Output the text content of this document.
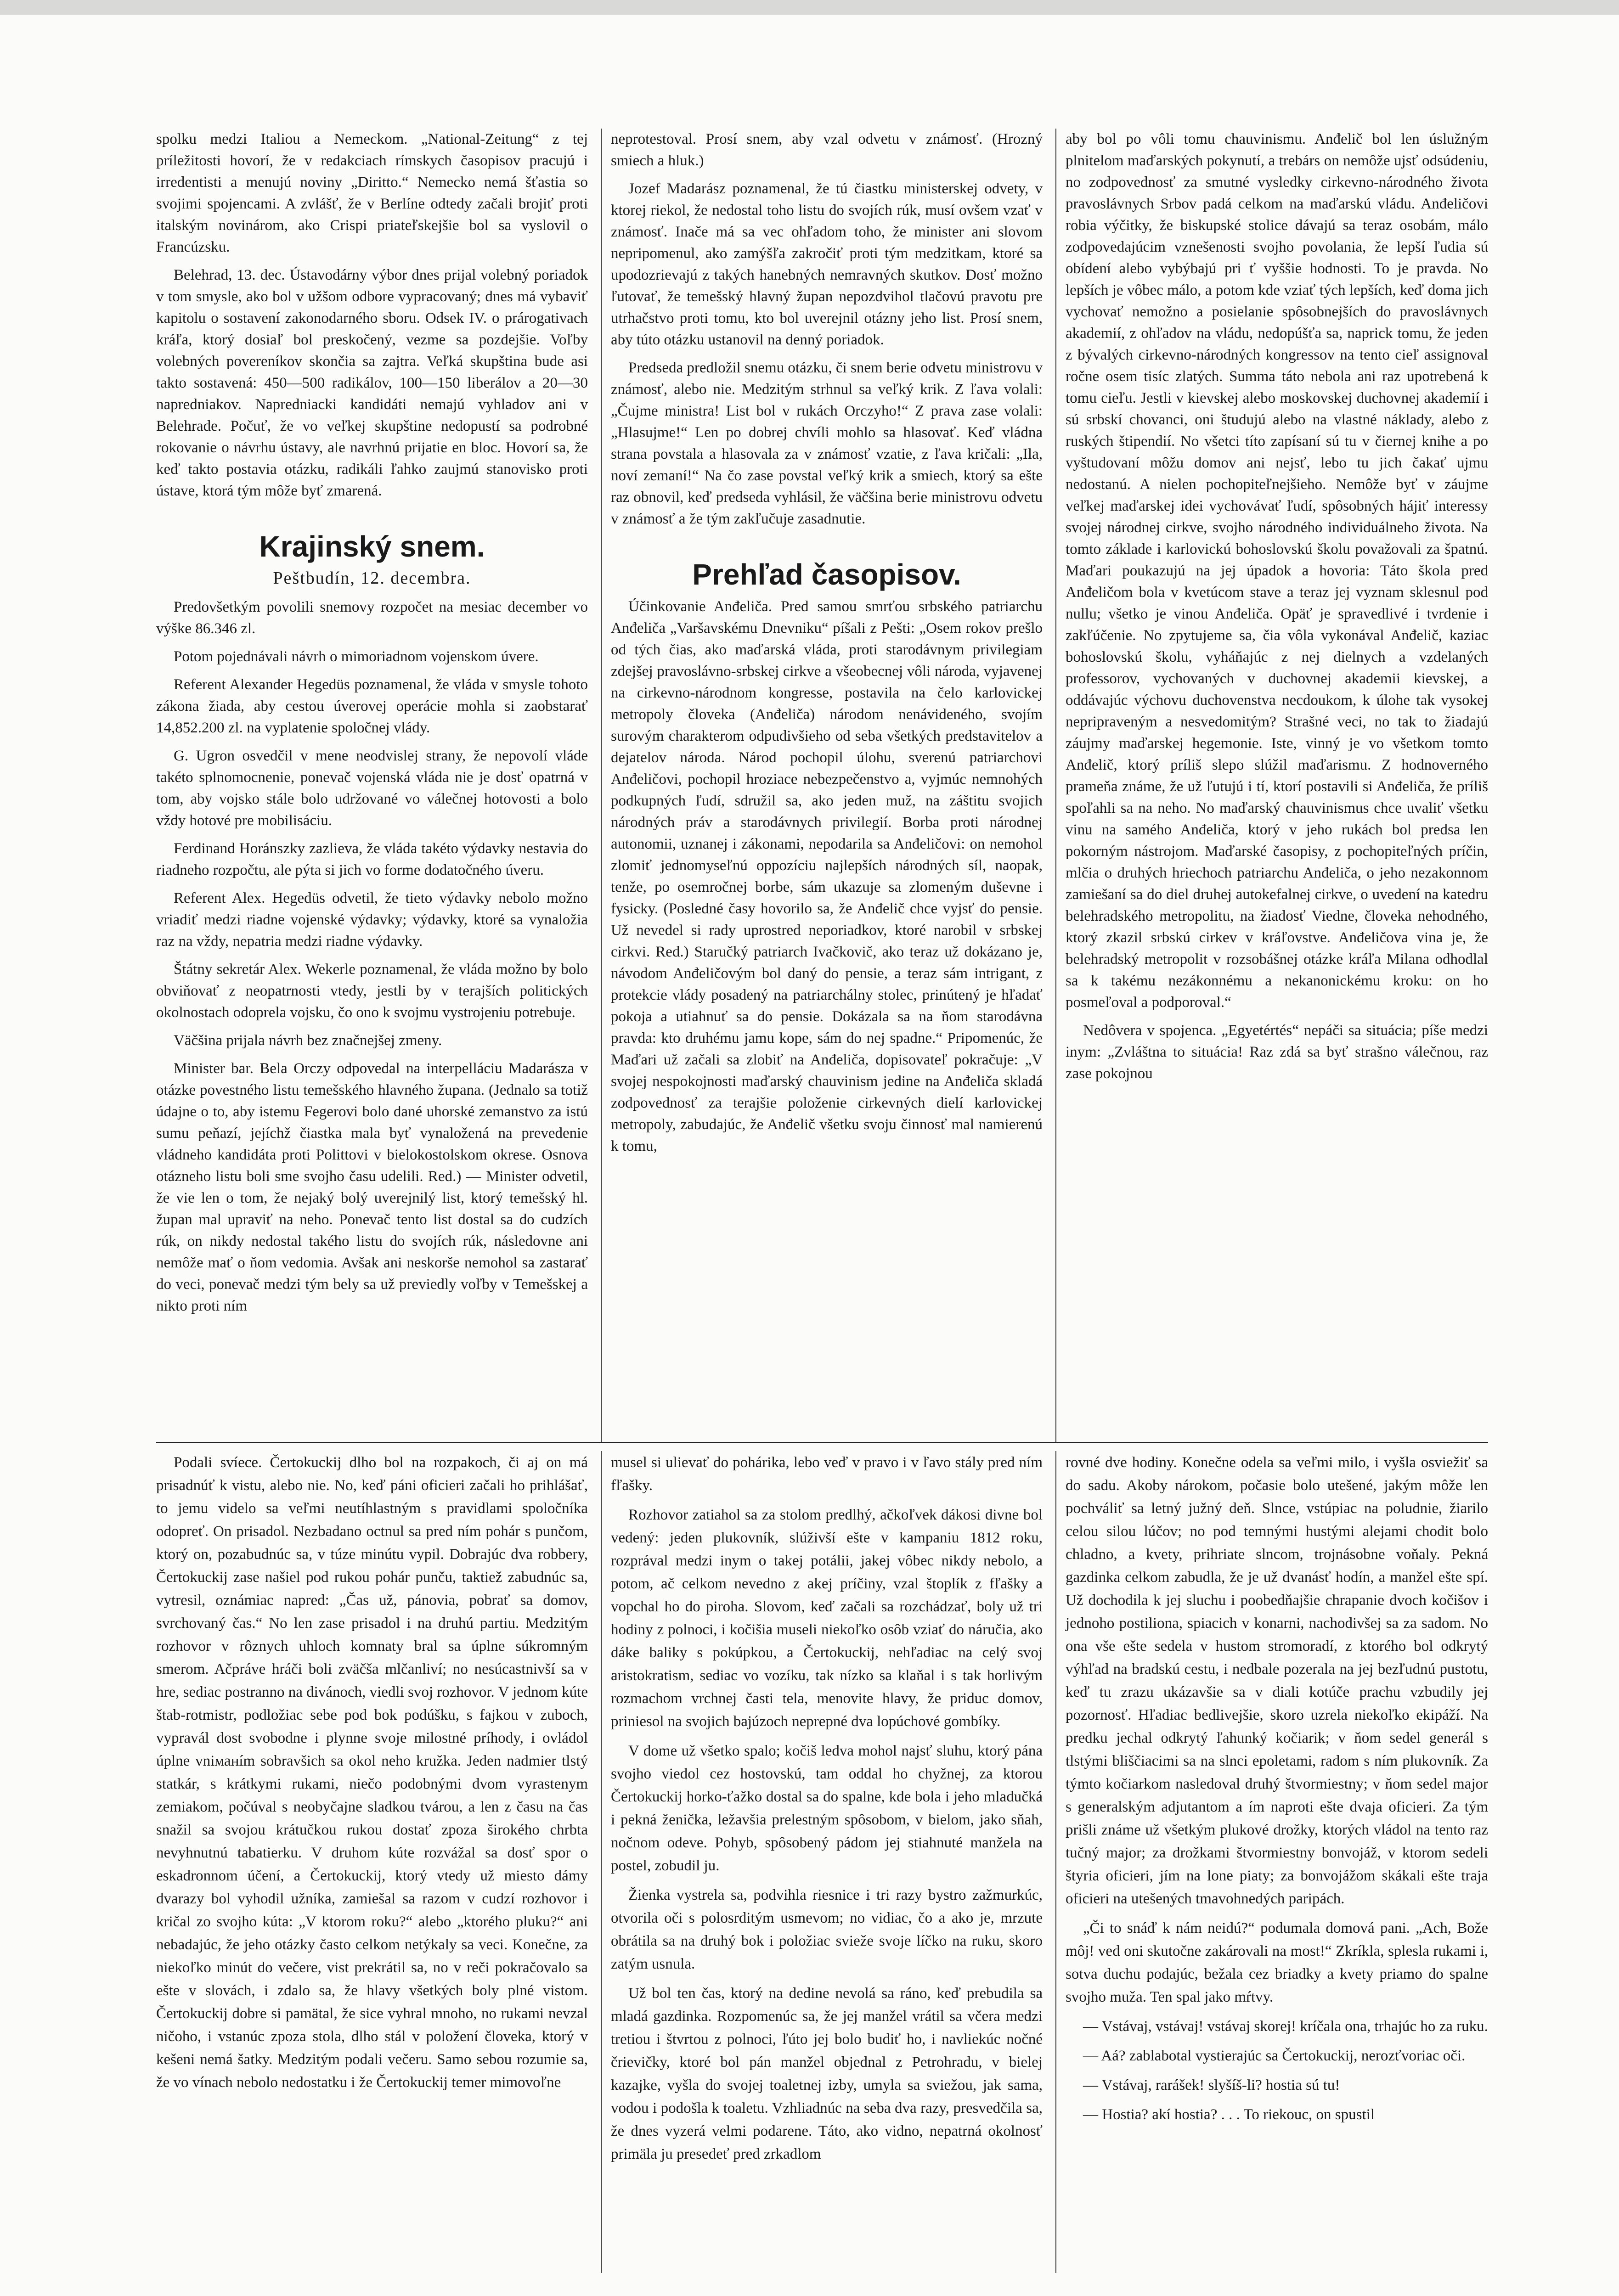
spolku medzi Italiou a Nemeckom. „National-Zeitung“ z tej príležitosti hovorí, že v redakciach rímskych časopisov pracujú i irredentisti a menujú noviny „Diritto.“ Nemecko nemá šťastia so svojimi spojencami. A zvlášť, že v Berlíne odtedy začali brojiť proti italským novinárom, ako Crispi priateľskejšie bol sa vyslovil o Francúzsku.

Belehrad, 13. dec. Ústavodárny výbor dnes prijal volebný poriadok v tom smysle, ako bol v užšom odbore vypracovaný; dnes má vybaviť kapitolu o sostavení zakonodarného sboru. Odsek IV. o prárogativach kráľa, ktorý dosiaľ bol preskočený, vezme sa pozdejšie. Voľby volebných povereníkov skončia sa zajtra. Veľká skupština bude asi takto sostavená: 450—500 radikálov, 100—150 liberálov a 20—30 napredniakov. Napredniacki kandidáti nemajú vyhladov ani v Belehrade. Počuť, že vo veľkej skupštine nedopustí sa podrobné rokovanie o návrhu ústavy, ale navrhnú prijatie en bloc. Hovorí sa, že keď takto postavia otázku, radikáli ľahko zaujmú stanovisko proti ústave, ktorá tým môže byť zmarená.

Krajinský snem.
Peštbudín, 12. decembra.

Predovšetkým povolili snemovy rozpočet na mesiac december vo výške 86.346 zl.

Potom pojednávali návrh o mimoriadnom vojenskom úvere.

Referent Alexander Hegedüs poznamenal, že vláda v smysle tohoto zákona žiada, aby cestou úverovej operácie mohla si zaobstarať 14,852.200 zl. na vyplatenie spoločnej vlády.

G. Ugron osvedčil v mene neodvislej strany, že nepovolí vláde takéto splnomocnenie, ponevač vojenská vláda nie je dosť opatrná v tom, aby vojsko stále bolo udržované vo válečnej hotovosti a bolo vždy hotové pre mobilisáciu.

Ferdinand Horánszky zazlieva, že vláda takéto výdavky nestavia do riadneho rozpočtu, ale pýta si jich vo forme dodatočného úveru.

Referent Alex. Hegedüs odvetil, že tieto výdavky nebolo možno vriadiť medzi riadne vojenské výdavky; výdavky, ktoré sa vynaložia raz na vždy, nepatria medzi riadne výdavky.

Štátny sekretár Alex. Wekerle poznamenal, že vláda možno by bolo obviňovať z neopatrnosti vtedy, jestli by v terajších politických okolnostach odoprela vojsku, čo ono k svojmu vystrojeniu potrebuje.

Väčšina prijala návrh bez značnejšej zmeny.

Minister bar. Bela Orczy odpovedal na interpelláciu Madarásza v otázke povestného listu temešského hlavného župana. (Jednalo sa totiž údajne o to, aby istemu Fegerovi bolo dané uhorské zemanstvo za istú sumu peňazí, jejíchž čiastka mala byť vynaložená na prevedenie vládneho kandidáta proti Polittovi v bielokostolskom okrese. Osnova otázneho listu boli sme svojho času udelili. Red.) — Minister odvetil, že vie len o tom, že nejaký bolý uverejnilý list, ktorý temešský hl. župan mal upraviť na neho. Ponevač tento list dostal sa do cudzích rúk, on nikdy nedostal takého listu do svojích rúk, následovne ani nemôže mať o ňom vedomia. Avšak ani neskorše nemohol sa zastarať do veci, ponevač medzi tým bely sa už previedly voľby v Temešskej a nikto proti ním

neprotestoval. Prosí snem, aby vzal odvetu v známosť. (Hrozný smiech a hluk.)

Jozef Madarász poznamenal, že tú čiastku ministerskej odvety, v ktorej riekol, že nedostal toho listu do svojích rúk, musí ovšem vzať v známosť. Inače má sa vec ohľadom toho, že minister ani slovom nepripomenul, ako zamýšľa zakročiť proti tým medzitkam, ktoré sa upodozrievajú z takých hanebných nemravných skutkov. Dosť možno ľutovať, že temešský hlavný župan nepozdvihol tlačovú pravotu pre utrhačstvo proti tomu, kto bol uverejnil otázny jeho list. Prosí snem, aby túto otázku ustanovil na denný poriadok.

Predseda predložil snemu otázku, či snem berie odvetu ministrovu v známosť, alebo nie. Medzitým strhnul sa veľký krik. Z ľava volali: „Čujme ministra! List bol v rukách Orczyho!“ Z prava zase volali: „Hlasujme!“ Len po dobrej chvíli mohlo sa hlasovať. Keď vládna strana povstala a hlasovala za v známosť vzatie, z ľava kričali: „Ila, noví zemaní!“ Na čo zase povstal veľký krik a smiech, ktorý sa ešte raz obnovil, keď predseda vyhlásil, že väčšina berie ministrovu odvetu v známosť a že tým zakľučuje zasadnutie.

Prehľad časopisov.

Účinkovanie Anđeliča. Pred samou smrťou srbského patriarchu Anđeliča „Varšavskému Dnevniku“ píšali z Pešti: „Osem rokov prešlo od tých čias, ako maďarská vláda, proti starodávnym privilegiam zdejšej pravoslávno-srbskej cirkve a všeobecnej vôli národa, vyjavenej na cirkevno-národnom kongresse, postavila na čelo karlovickej metropoly človeka (Anđeliča) národom nenávideného, svojím surovým charakterom odpudivšieho od seba všetkých predstavitelov a dejatelov národa. Národ pochopil úlohu, sverenú patriarchovi Anđeličovi, pochopil hroziace nebezpečenstvo a, vyjmúc nemnohých podkupných ľudí, sdružil sa, ako jeden muž, na záštitu svojich národných práv a starodávnych privilegií. Borba proti národnej autonomii, uznanej i zákonami, nepodarila sa Anđeličovi: on nemohol zlomiť jednomyseľnú oppozíciu najlepších národných síl, naopak, tenže, po osemročnej borbe, sám ukazuje sa zlomeným duševne i fysicky. (Posledné časy hovorilo sa, že Anđelič chce vyjsť do pensie. Už nevedel si rady uprostred neporiadkov, ktoré narobil v srbskej cirkvi. Red.) Staručký patriarch Ivačkovič, ako teraz už dokázano je, návodom Anđeličovým bol daný do pensie, a teraz sám intrigant, z protekcie vlády posadený na patriarchálny stolec, prinútený je hľadať pokoja a utiahnuť sa do pensie. Dokázala sa na ňom starodávna pravda: kto druhému jamu kope, sám do nej spadne.“ Pripomenúc, že Maďari už začali sa zlobiť na Anđeliča, dopisovateľ pokračuje: „V svojej nespokojnosti maďarský chauvinism jedine na Anđeliča skladá zodpovednosť za terajšie položenie cirkevných dielí karlovickej metropoly, zabudajúc, že Anđelič všetku svoju činnosť mal namierenú k tomu,

aby bol po vôli tomu chauvinismu. Anđelič bol len úslužným plnitelom maďarských pokynutí, a trebárs on nemôže ujsť odsúdeniu, no zodpovednosť za smutné vysledky cirkevno-národného života pravoslávnych Srbov padá celkom na maďarskú vládu. Anđeličovi robia výčitky, že biskupské stolice dávajú sa teraz osobám, málo zodpovedajúcim vznešenosti svojho povolania, že lepší ľudia sú obídení alebo vybýbajú pri ť vyššie hodnosti. To je pravda. No lepších je vôbec málo, a potom kde vziať tých lepších, keď doma jich vychovať nemožno a posielanie spôsobnejších do pravoslávnych akademií, z ohľadov na vládu, nedopúšťa sa, naprick tomu, že jeden z bývalých cirkevno-národných kongressov na tento cieľ assignoval ročne osem tisíc zlatých. Summa táto nebola ani raz upotrebená k tomu cieľu. Jestli v kievskej alebo moskovskej duchovnej akademií i sú srbskí chovanci, oni študujú alebo na vlastné náklady, alebo z ruských štipendií. No všetci títo zapísaní sú tu v čiernej knihe a po vyštudovaní môžu domov ani nejsť, lebo tu jich čakať ujmu nedostanú. A nielen pochopiteľnejšieho. Nemôže byť v záujme veľkej maďarskej idei vychovávať ľudí, spôsobných hájiť interessy svojej národnej cirkve, svojho národného individuálneho života. Na tomto základe i karlovickú bohoslovskú školu považovali za špatnú. Maďari poukazujú na jej úpadok a hovoria: Táto škola pred Anđeličom bola v kvetúcom stave a teraz jej vyznam sklesnul pod nullu; všetko je vinou Anđeliča. Opäť je spravedlivé i tvrdenie i zakľúčenie. No zpytujeme sa, čia vôla vykonával Anđelič, kaziac bohoslovskú školu, vyháňajúc z nej dielnych a vzdelaných professorov, vychovaných v duchovnej akademii kievskej, a oddávajúc výchovu duchovenstva necdoukom, k úlohe tak vysokej nepripraveným a nesvedomitým? Strašné veci, no tak to žiadajú záujmy maďarskej hegemonie. Iste, vinný je vo všetkom tomto Anđelič, ktorý príliš slepo slúžil maďarismu. Z hodnoverného prameňa známe, že už ľutujú i tí, ktorí postavili si Anđeliča, že príliš spoľahli sa na neho. No maďarský chauvinismus chce uvaliť všetku vinu na samého Anđeliča, ktorý v jeho rukách bol predsa len pokorným nástrojom. Maďarské časopisy, z pochopiteľných príčin, mlčia o druhých hriechoch patriarchu Anđeliča, o jeho nezakonnom zamiešaní sa do diel druhej autokefalnej cirkve, o uvedení na katedru belehradského metropolitu, na žiadosť Viedne, človeka nehodného, ktorý zkazil srbskú cirkev v kráľovstve. Anđeličova vina je, že belehradský metropolit v rozsobášnej otázke kráľa Milana odhodlal sa k takému nezákonnému a nekanonickému kroku: on ho posmeľoval a podporoval.“

Nedôvera v spojenca. „Egyetértés“ nepáči sa situácia; píše medzi inym: „Zvláštna to situácia! Raz zdá sa byť strašno válečnou, raz zase pokojnou

Podali svíece. Čertokuckij dlho bol na rozpakoch, či aj on má prisadnúť k vistu, alebo nie. No, keď páni oficieri začali ho prihlášať, to jemu videlo sa veľmi neutíhlastným s pravidlami spoločníka odopreť. On prisadol. Nezbadano octnul sa pred ním pohár s punčom, ktorý on, pozabudnúc sa, v túze minútu vypil. Dobrajúc dva robbery, Čertokuckij zase našiel pod rukou pohár punču, taktiež zabudnúc sa, vytresil, oznámiac napred: „Čas už, pánovia, pobrať sa domov, svrchovaný čas.“ No len zase prisadol i na druhú partiu. Medzitým rozhovor v rôznych uhloch komnaty bral sa úplne súkromným smerom. Ačpráve hráči boli zväčša mlčanliví; no nesúcastnivší sa v hre, sediac postranno na divánoch, viedli svoj rozhovor. V jednom kúte štab-rotmistr, podložiac sebe pod bok podúšku, s fajkou v zuboch, vypravál dost svobodne i plynne svoje milostné príhody, i ovládol úplne vniманím sobravšich sa okol neho kružka. Jeden nadmier tlstý statkár, s krátkymi rukami, niečo podobnými dvom vyrastenym zemiakom, počúval s neobyčajne sladkou tvárou, a len z času na čas snažil sa svojou krátučkou rukou dostať zpoza širokého chrbta nevyhnutnú tabatierku. V druhom kúte rozvážal sa dosť spor o eskadronnom účení, a Čertokuckij, ktorý vtedy už miesto dámy dvarazy bol vyhodil užníka, zamiešal sa razom v cudzí rozhovor i kričal zo svojho kúta: „V ktorom roku?“ alebo „ktorého pluku?“ ani nebadajúc, že jeho otázky často celkom netýkaly sa veci. Konečne, za niekoľko minút do večere, vist prekrátil sa, no v reči pokračovalo sa ešte v slovách, i zdalo sa, že hlavy všetkých boly plné vistom. Čertokuckij dobre si pamätal, že sice vyhral mnoho, no rukami nevzal ničoho, i vstanúc zpoza stola, dlho stál v položení človeka, ktorý v kešeni nemá šatky. Medzitým podali večeru. Samo sebou rozumie sa, že vo vínach nebolo nedostatku i že Čertokuckij temer mimovoľne

musel si ulievať do pohárika, lebo veď v pravo i v ľavo stály pred ním fľašky.

Rozhovor zatiahol sa za stolom predlhý, ačkoľvek dákosi divne bol vedený: jeden plukovník, slúživší ešte v kampaniu 1812 roku, rozprával medzi inym o takej potálii, jakej vôbec nikdy nebolo, a potom, ač celkom nevedno z akej príčiny, vzal štoplík z fľašky a vopchal ho do piroha. Slovom, keď začali sa rozchádzať, boly už tri hodiny z polnoci, i kočišia museli niekoľko osôb vziať do náručia, ako dáke baliky s pokúpkou, a Čertokuckij, nehľadiac na celý svoj aristokratism, sediac vo vozíku, tak nízko sa klaňal i s tak horlivým rozmachom vrchnej časti tela, menovite hlavy, že priduc domov, priniesol na svojich bajúzoch neprepné dva lopúchové gombíky.

V dome už všetko spalo; kočiš ledva mohol najsť sluhu, ktorý pána svojho viedol cez hostovskú, tam oddal ho chyžnej, za ktorou Čertokuckij horko-ťažko dostal sa do spalne, kde bola i jeho mladučká i pekná ženička, ležavšia prelestným spôsobom, v bielom, jako sňah, nočnom odeve. Pohyb, spôsobený pádom jej stiahnuté manžela na postel, zobudil ju.

Žienka vystrela sa, podvihla riesnice i tri razy bystro zažmurkúc, otvorila oči s polosrditým usmevom; no vidiac, čo a ako je, mrzute obrátila sa na druhý bok i položiac svieže svoje líčko na ruku, skoro zatým usnula.

Už bol ten čas, ktorý na dedine nevolá sa ráno, keď prebudila sa mladá gazdinka. Rozpomenúc sa, že jej manžel vrátil sa včera medzi tretiou i štvrtou z polnoci, ľúto jej bolo budiť ho, i navliekúc nočné črievičky, ktoré bol pán manžel objednal z Petrohradu, v bielej kazajke, vyšla do svojej toaletnej izby, umyla sa sviežou, jak sama, vodou i podošla k toaletu. Vzhliadnúc na seba dva razy, presvedčila sa, že dnes vyzerá velmi podarene. Táto, ako vidno, nepatrná okolnosť primäla ju presedeť pred zrkadlom

rovné dve hodiny. Konečne odela sa veľmi milo, i vyšla osviežiť sa do sadu. Akoby nárokom, počasie bolo utešené, jakým môže len pochváliť sa letný južný deň. Slnce, vstúpiac na poludnie, žiarilo celou silou lúčov; no pod temnými hustými alejami chodit bolo chladno, a kvety, prihriate slncom, trojnásobne voňaly. Pekná gazdinka celkom zabudla, že je už dvanásť hodín, a manžel ešte spí. Už dochodila k jej sluchu i poobedňajšie chrapanie dvoch kočišov i jednoho postiliona, spiacich v konarni, nachodivšej sa za sadom. No ona vše ešte sedela v hustom stromoradí, z ktorého bol odkrytý výhľad na bradskú cestu, i nedbale pozerala na jej bezľudnú pustotu, keď tu zrazu ukázavšie sa v diali kotúče prachu vzbudily jej pozornosť. Hľadiac bedlivejšie, skoro uzrela niekoľko ekipáží. Na predku jechal odkrytý ľahunký kočiarik; v ňom sedel generál s tlstými bliščiacimi sa na slnci epoletami, radom s ním plukovník. Za týmto kočiarkom nasledoval druhý štvormiestny; v ňom sedel major s generalským adjutantom a ím naproti ešte dvaja oficieri. Za tým prišli známe už všetkým plukové drožky, ktorých vládol na tento raz tučný major; za drožkami štvormiestny bonvojáž, v ktorom sedeli štyria oficieri, jím na lone piaty; za bonvojážom skákali ešte traja oficieri na utešených tmavohnedých paripách.

„Či to snáď k nám neidú?“ podumala domová pani. „Ach, Bože môj! ved oni skutočne zakárovali na most!“ Zkríkla, splesla rukami i, sotva duchu podajúc, bežala cez briadky a kvety priamo do spalne svojho muža. Ten spal jako mŕtvy.

— Vstávaj, vstávaj! vstávaj skorej! kríčala ona, trhajúc ho za ruku.

— Aá? zablabotal vystierajúc sa Čertokuckij, nerozťvoriac oči.

— Vstávaj, rarášek! slyšíš-li? hostia sú tu!

— Hostia? akí hostia? . . . To riekouc, on spustil
